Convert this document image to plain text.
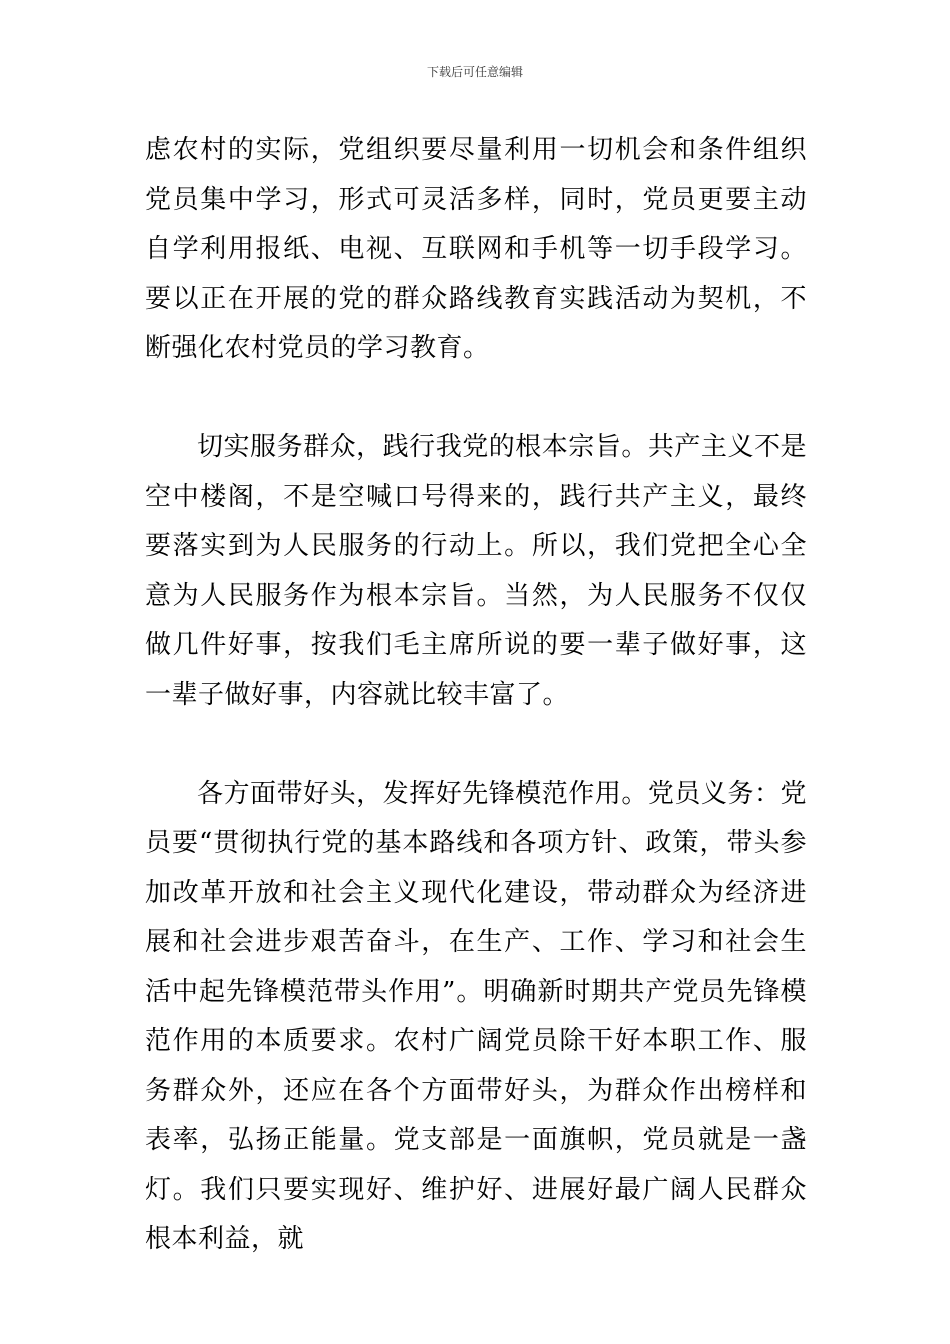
下载后可任意编辑

虑农村的实际，党组织要尽量利用一切机会和条件组织党员集中学习，形式可灵活多样，同时，党员更要主动自学利用报纸、电视、互联网和手机等一切手段学习。要以正在开展的党的群众路线教育实践活动为契机，不断强化农村党员的学习教育。

切实服务群众，践行我党的根本宗旨。共产主义不是空中楼阁，不是空喊口号得来的，践行共产主义，最终要落实到为人民服务的行动上。所以，我们党把全心全意为人民服务作为根本宗旨。当然，为人民服务不仅仅做几件好事，按我们毛主席所说的要一辈子做好事，这一辈子做好事，内容就比较丰富了。

各方面带好头，发挥好先锋模范作用。党员义务：党员要“贯彻执行党的基本路线和各项方针、政策，带头参加改革开放和社会主义现代化建设，带动群众为经济进展和社会进步艰苦奋斗，在生产、工作、学习和社会生活中起先锋模范带头作用”。明确新时期共产党员先锋模范作用的本质要求。农村广阔党员除干好本职工作、服务群众外，还应在各个方面带好头，为群众作出榜样和表率，弘扬正能量。党支部是一面旗帜，党员就是一盏灯。我们只要实现好、维护好、进展好最广阔人民群众根本利益，就
